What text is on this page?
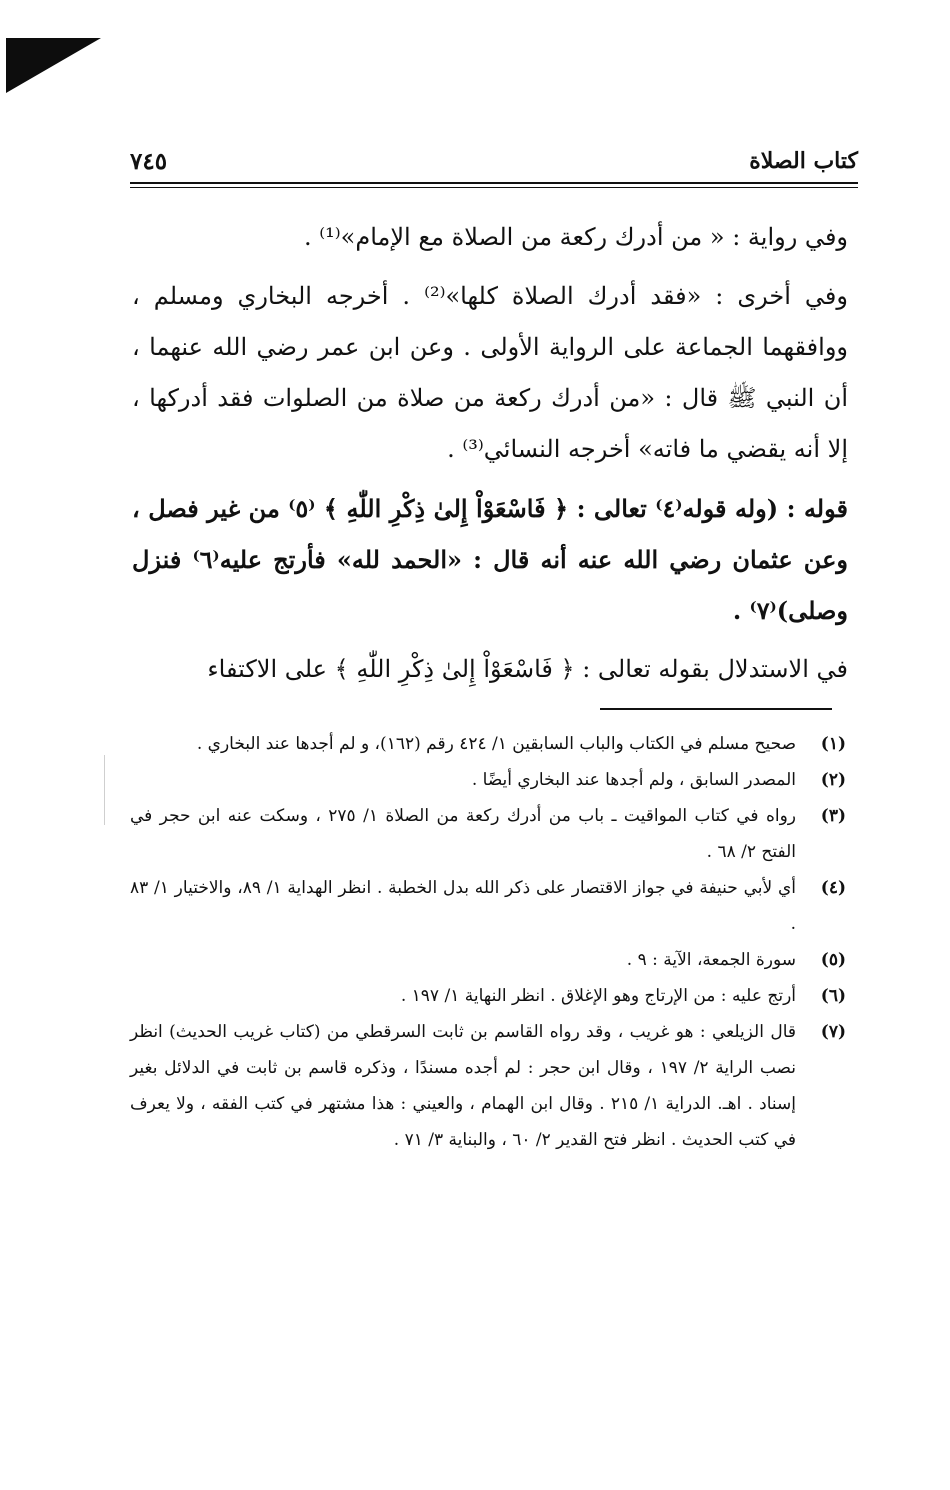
كتاب الصلاة
٧٤٥

وفي رواية : « من أدرك ركعة من الصلاة مع الإمام»⁽¹⁾ .

وفي أخرى : «فقد أدرك الصلاة كلها»⁽²⁾ . أخرجه البخاري ومسلم ، ووافقهما الجماعة على الرواية الأولى . وعن ابن عمر رضي الله عنهما ، أن النبي ﷺ قال : «من أدرك ركعة من صلاة من الصلوات فقد أدركها ، إلا أنه يقضي ما فاته» أخرجه النسائي⁽³⁾ .

قوله : (وله قوله⁽٤⁾ تعالى : ﴿ فَاسْعَوْاْ إِلىٰ ذِكْرِ اللّٰهِ ﴾ ⁽٥⁾ من غير فصل ، وعن عثمان رضي الله عنه أنه قال : «الحمد لله» فأرتج عليه⁽٦⁾ فنزل وصلى)⁽٧⁾ .

في الاستدلال بقوله تعالى : ﴿ فَاسْعَوْاْ إِلىٰ ذِكْرِ اللّٰهِ ﴾ على الاكتفاء

(١)
صحيح مسلم في الكتاب والباب السابقين ١/ ٤٢٤ رقم (١٦٢)، و لم أجدها عند البخاري .
(٢)
المصدر السابق ، ولم أجدها عند البخاري أيضًا .
(٣)
رواه في كتاب المواقيت ـ باب من أدرك ركعة من الصلاة ١/ ٢٧٥ ، وسكت عنه ابن حجر في الفتح ٢/ ٦٨ .
(٤)
أي لأبي حنيفة في جواز الاقتصار على ذكر الله بدل الخطبة . انظر الهداية ١/ ٨٩، والاختيار ١/ ٨٣ .
(٥)
سورة الجمعة، الآية : ٩ .
(٦)
أرتج عليه : من الإرتاج وهو الإغلاق . انظر النهاية ١/ ١٩٧ .
(٧)
قال الزيلعي : هو غريب ، وقد رواه القاسم بن ثابت السرقطي من (كتاب غريب الحديث) انظر نصب الراية ٢/ ١٩٧ ، وقال ابن حجر : لم أجده مسندًا ، وذكره قاسم بن ثابت في الدلائل بغير إسناد . اهـ. الدراية ١/ ٢١٥ . وقال ابن الهمام ، والعيني : هذا مشتهر في كتب الفقه ، ولا يعرف في كتب الحديث . انظر فتح القدير ٢/ ٦٠ ، والبناية ٣/ ٧١ .
